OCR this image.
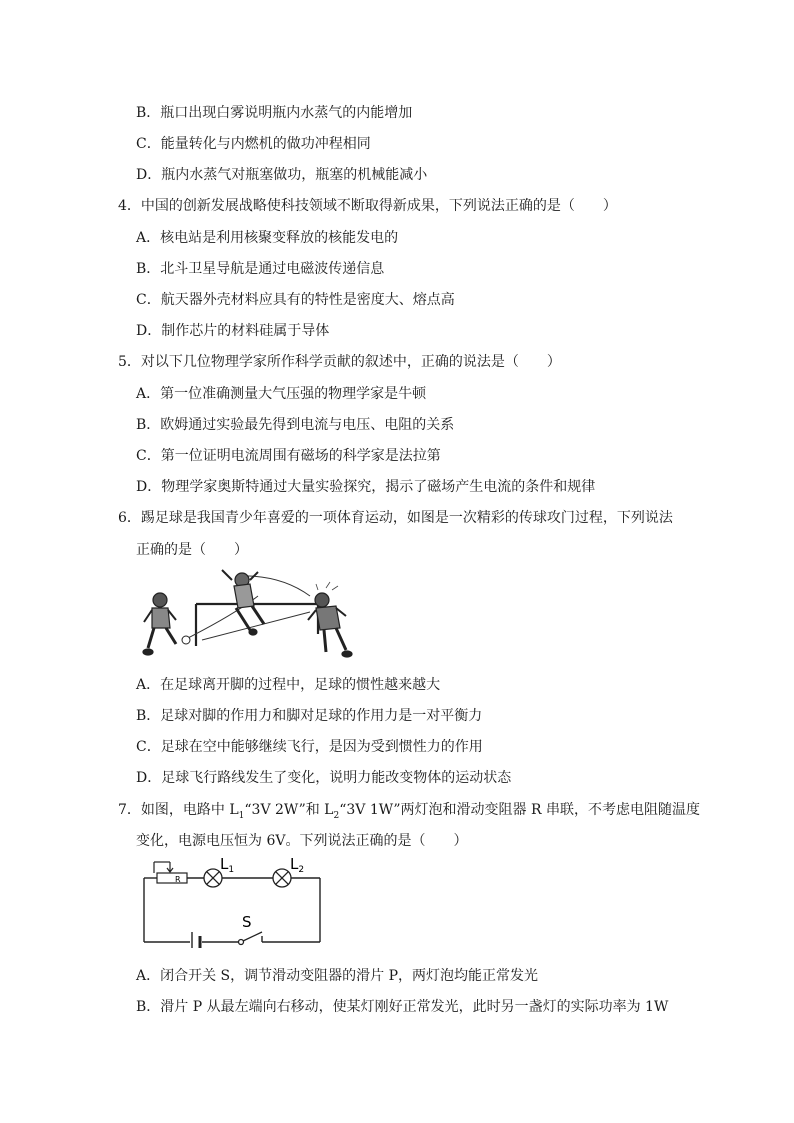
B．瓶口出现白雾说明瓶内水蒸气的内能增加
C．能量转化与内燃机的做功冲程相同
D．瓶内水蒸气对瓶塞做功，瓶塞的机械能减小
4．中国的创新发展战略使科技领域不断取得新成果，下列说法正确的是（　　）
A．核电站是利用核聚变释放的核能发电的
B．北斗卫星导航是通过电磁波传递信息
C．航天器外壳材料应具有的特性是密度大、熔点高
D．制作芯片的材料硅属于导体
5．对以下几位物理学家所作科学贡献的叙述中，正确的说法是（　　）
A．第一位准确测量大气压强的物理学家是牛顿
B．欧姆通过实验最先得到电流与电压、电阻的关系
C．第一位证明电流周围有磁场的科学家是法拉第
D．物理学家奥斯特通过大量实验探究，揭示了磁场产生电流的条件和规律
6．踢足球是我国青少年喜爱的一项体育运动，如图是一次精彩的传球攻门过程，下列说法
正确的是（　　）
A．在足球离开脚的过程中，足球的惯性越来越大
B．足球对脚的作用力和脚对足球的作用力是一对平衡力
C．足球在空中能够继续飞行，是因为受到惯性力的作用
D．足球飞行路线发生了变化，说明力能改变物体的运动状态
7．如图，电路中 $L_1“3V$ 2W”和 $L_2“3V$ 1W”两灯泡和滑动变阻器 R 串联，不考虑电阻随温度
变化，电源电压恒为 6V。下列说法正确的是（　　）
R
$L_1$	$L_2$
S
A．闭合开关 S，调节滑动变阻器的滑片 P，两灯泡均能正常发光
B．滑片 P 从最左端向右移动，使某灯刚好正常发光，此时另一盏灯的实际功率为 1W
